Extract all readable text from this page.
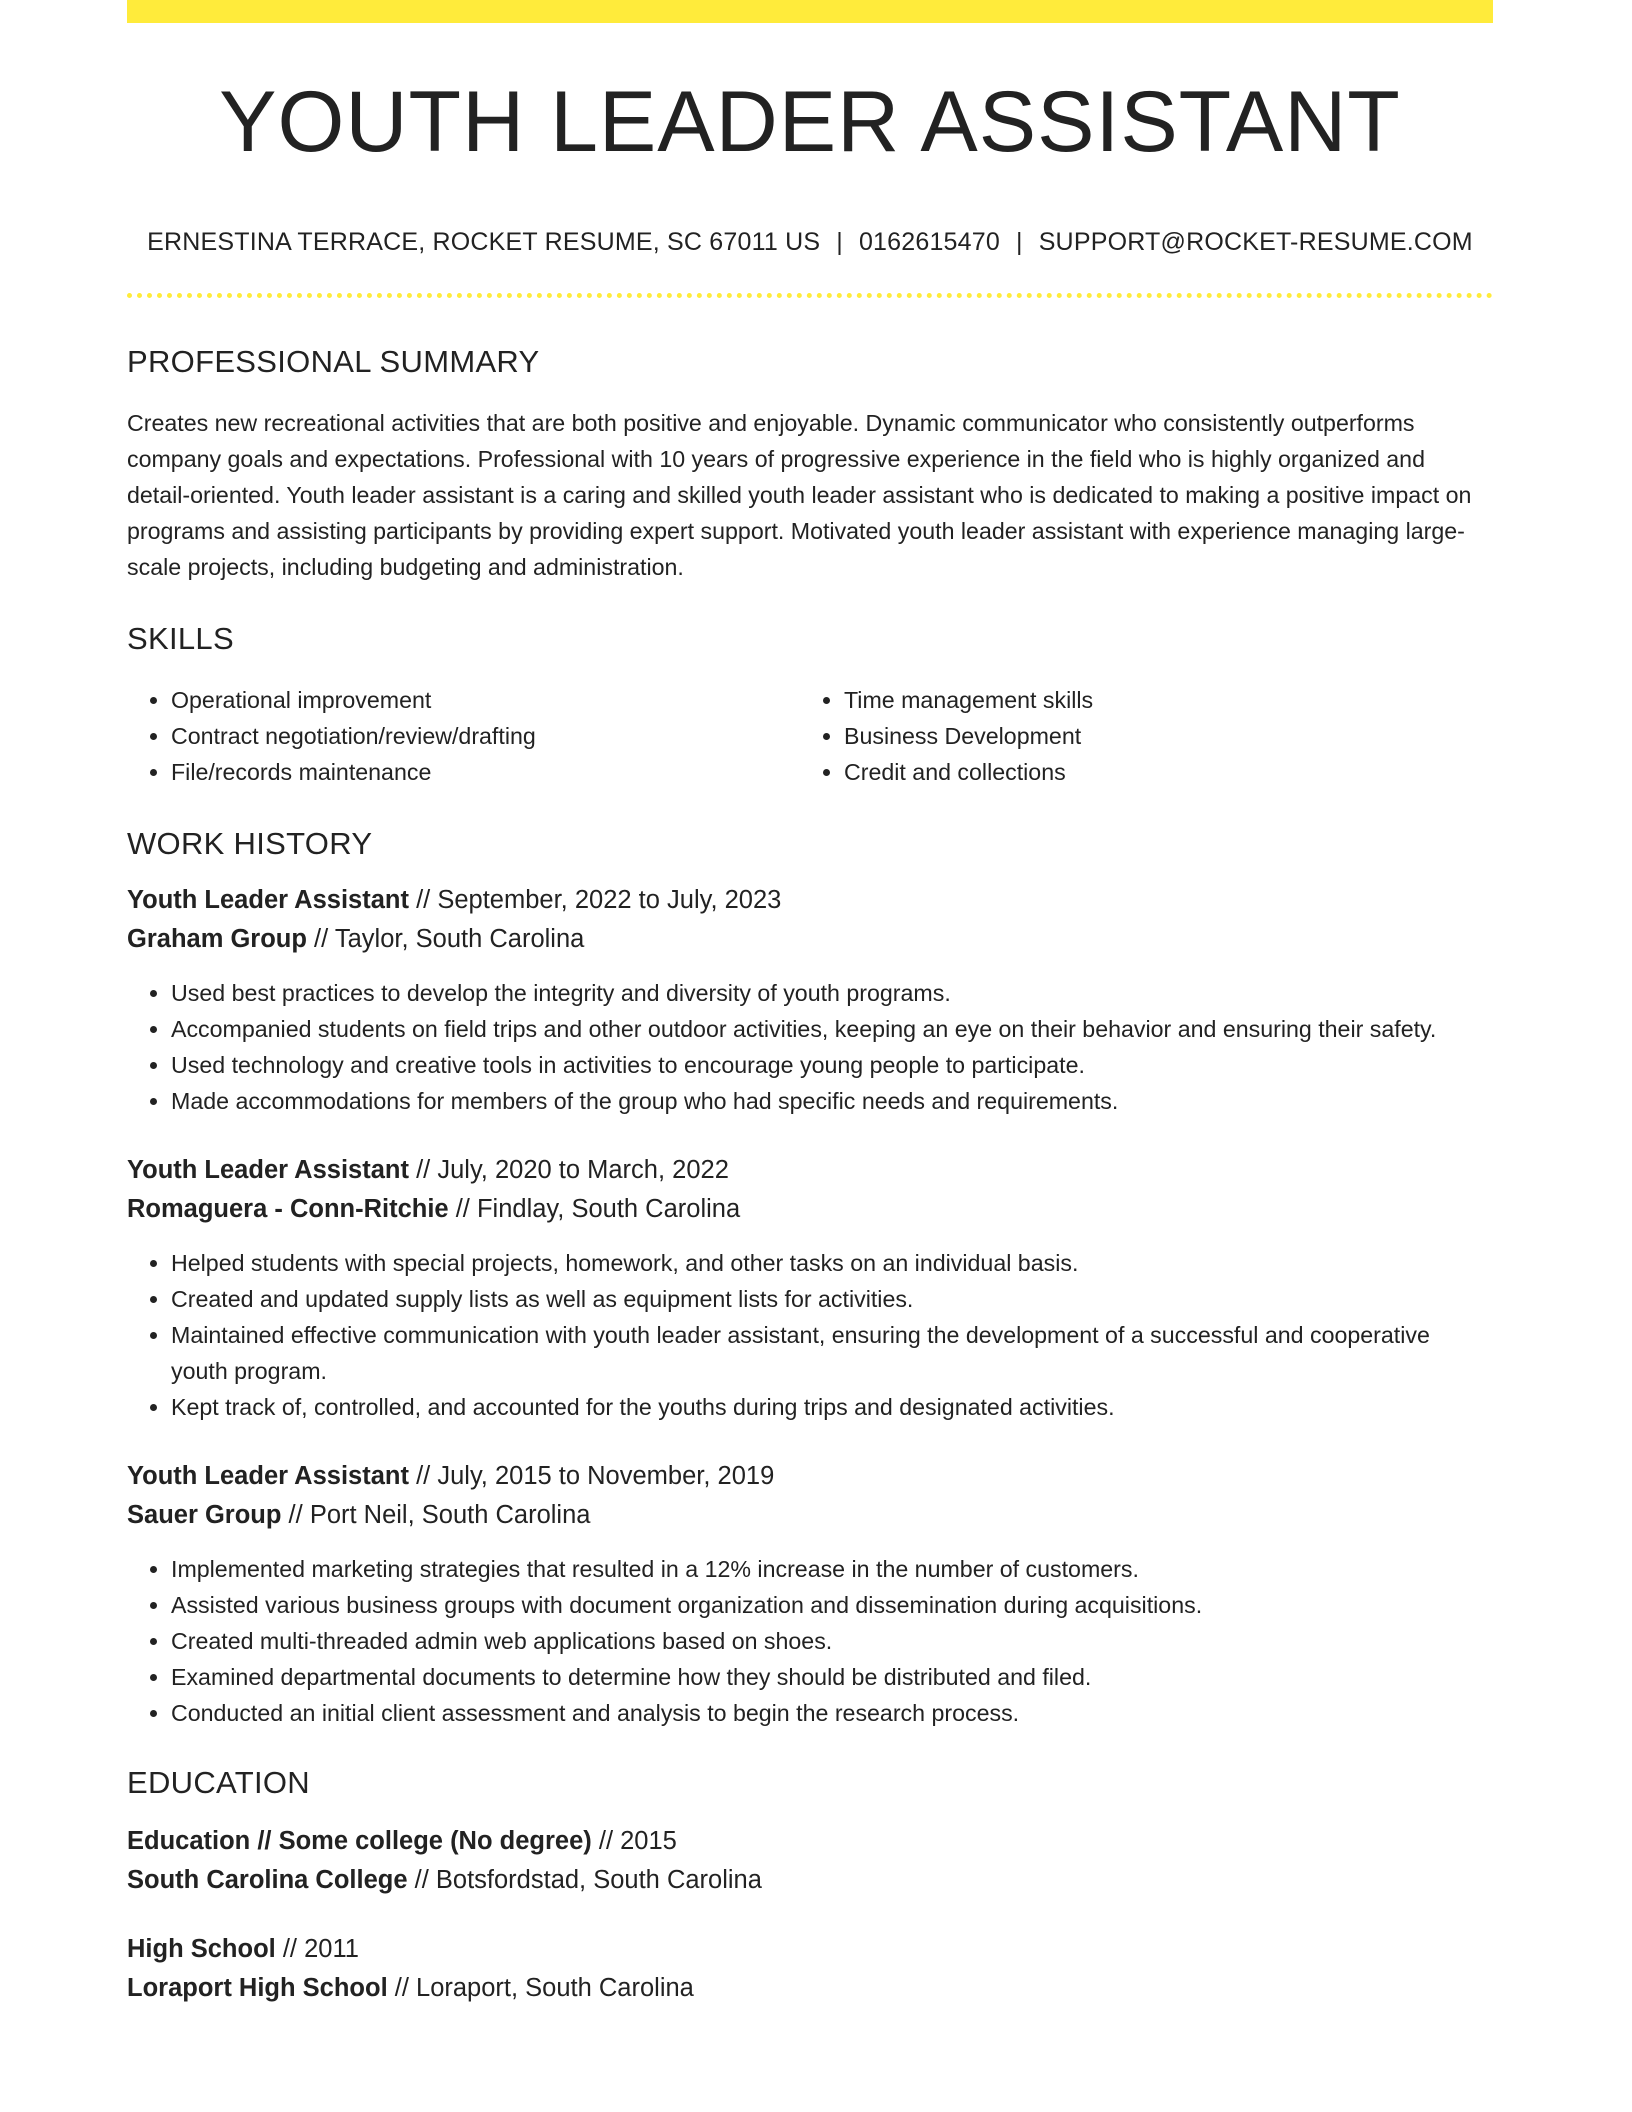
YOUTH LEADER ASSISTANT
ERNESTINA TERRACE, ROCKET RESUME, SC 67011 US | 0162615470 | SUPPORT@ROCKET-RESUME.COM
PROFESSIONAL SUMMARY
Creates new recreational activities that are both positive and enjoyable. Dynamic communicator who consistently outperforms company goals and expectations. Professional with 10 years of progressive experience in the field who is highly organized and detail-oriented. Youth leader assistant is a caring and skilled youth leader assistant who is dedicated to making a positive impact on programs and assisting participants by providing expert support. Motivated youth leader assistant with experience managing large-scale projects, including budgeting and administration.
SKILLS
• Operational improvement
• Contract negotiation/review/drafting
• File/records maintenance
• Time management skills
• Business Development
• Credit and collections
WORK HISTORY
Youth Leader Assistant // September, 2022 to July, 2023
Graham Group // Taylor, South Carolina
• Used best practices to develop the integrity and diversity of youth programs.
• Accompanied students on field trips and other outdoor activities, keeping an eye on their behavior and ensuring their safety.
• Used technology and creative tools in activities to encourage young people to participate.
• Made accommodations for members of the group who had specific needs and requirements.
Youth Leader Assistant // July, 2020 to March, 2022
Romaguera - Conn-Ritchie // Findlay, South Carolina
• Helped students with special projects, homework, and other tasks on an individual basis.
• Created and updated supply lists as well as equipment lists for activities.
• Maintained effective communication with youth leader assistant, ensuring the development of a successful and cooperative youth program.
• Kept track of, controlled, and accounted for the youths during trips and designated activities.
Youth Leader Assistant // July, 2015 to November, 2019
Sauer Group // Port Neil, South Carolina
• Implemented marketing strategies that resulted in a 12% increase in the number of customers.
• Assisted various business groups with document organization and dissemination during acquisitions.
• Created multi-threaded admin web applications based on shoes.
• Examined departmental documents to determine how they should be distributed and filed.
• Conducted an initial client assessment and analysis to begin the research process.
EDUCATION
Education // Some college (No degree) // 2015
South Carolina College // Botsfordstad, South Carolina
High School // 2011
Loraport High School // Loraport, South Carolina
